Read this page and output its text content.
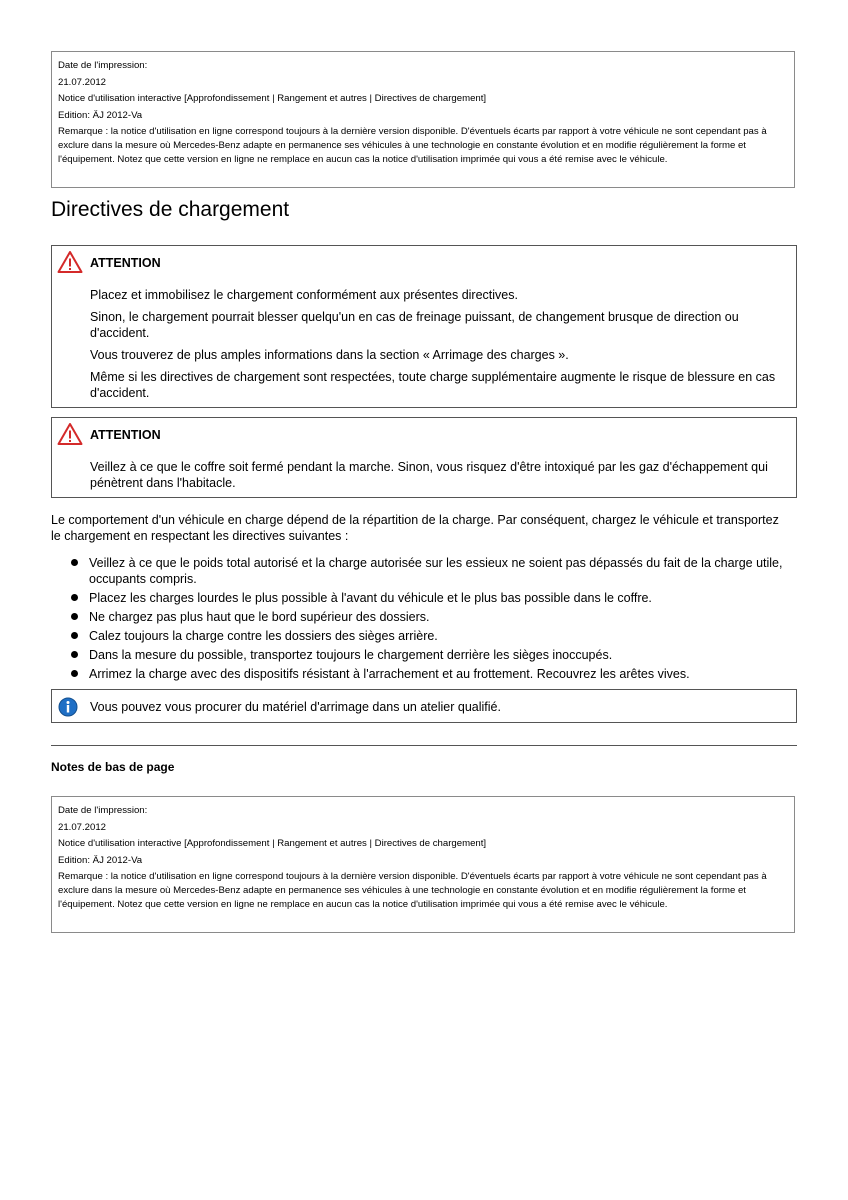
Date de l'impression:
21.07.2012
Notice d'utilisation interactive [Approfondissement | Rangement et autres | Directives de chargement]
Edition: ÄJ 2012-Va
Remarque : la notice d'utilisation en ligne correspond toujours à la dernière version disponible. D'éventuels écarts par rapport à votre véhicule ne sont cependant pas à exclure dans la mesure où Mercedes-Benz adapte en permanence ses véhicules à une technologie en constante évolution et en modifie régulièrement la forme et l'équipement. Notez que cette version en ligne ne remplace en aucun cas la notice d'utilisation imprimée qui vous a été remise avec le véhicule.
Directives de chargement
ATTENTION

Placez et immobilisez le chargement conformément aux présentes directives.

Sinon, le chargement pourrait blesser quelqu'un en cas de freinage puissant, de changement brusque de direction ou d'accident.

Vous trouverez de plus amples informations dans la section « Arrimage des charges ».

Même si les directives de chargement sont respectées, toute charge supplémentaire augmente le risque de blessure en cas d'accident.

ATTENTION

Veillez à ce que le coffre soit fermé pendant la marche. Sinon, vous risquez d'être intoxiqué par les gaz d'échappement qui pénètrent dans l'habitacle.

Le comportement d'un véhicule en charge dépend de la répartition de la charge. Par conséquent, chargez le véhicule et transportez le chargement en respectant les directives suivantes :

Veillez à ce que le poids total autorisé et la charge autorisée sur les essieux ne soient pas dépassés du fait de la charge utile, occupants compris.
Placez les charges lourdes le plus possible à l'avant du véhicule et le plus bas possible dans le coffre.
Ne chargez pas plus haut que le bord supérieur des dossiers.
Calez toujours la charge contre les dossiers des sièges arrière.
Dans la mesure du possible, transportez toujours le chargement derrière les sièges inoccupés.
Arrimez la charge avec des dispositifs résistant à l'arrachement et au frottement. Recouvrez les arêtes vives.
Vous pouvez vous procurer du matériel d'arrimage dans un atelier qualifié.
Notes de bas de page
Date de l'impression:
21.07.2012
Notice d'utilisation interactive [Approfondissement | Rangement et autres | Directives de chargement]
Edition: ÄJ 2012-Va
Remarque : la notice d'utilisation en ligne correspond toujours à la dernière version disponible. D'éventuels écarts par rapport à votre véhicule ne sont cependant pas à exclure dans la mesure où Mercedes-Benz adapte en permanence ses véhicules à une technologie en constante évolution et en modifie régulièrement la forme et l'équipement. Notez que cette version en ligne ne remplace en aucun cas la notice d'utilisation imprimée qui vous a été remise avec le véhicule.
